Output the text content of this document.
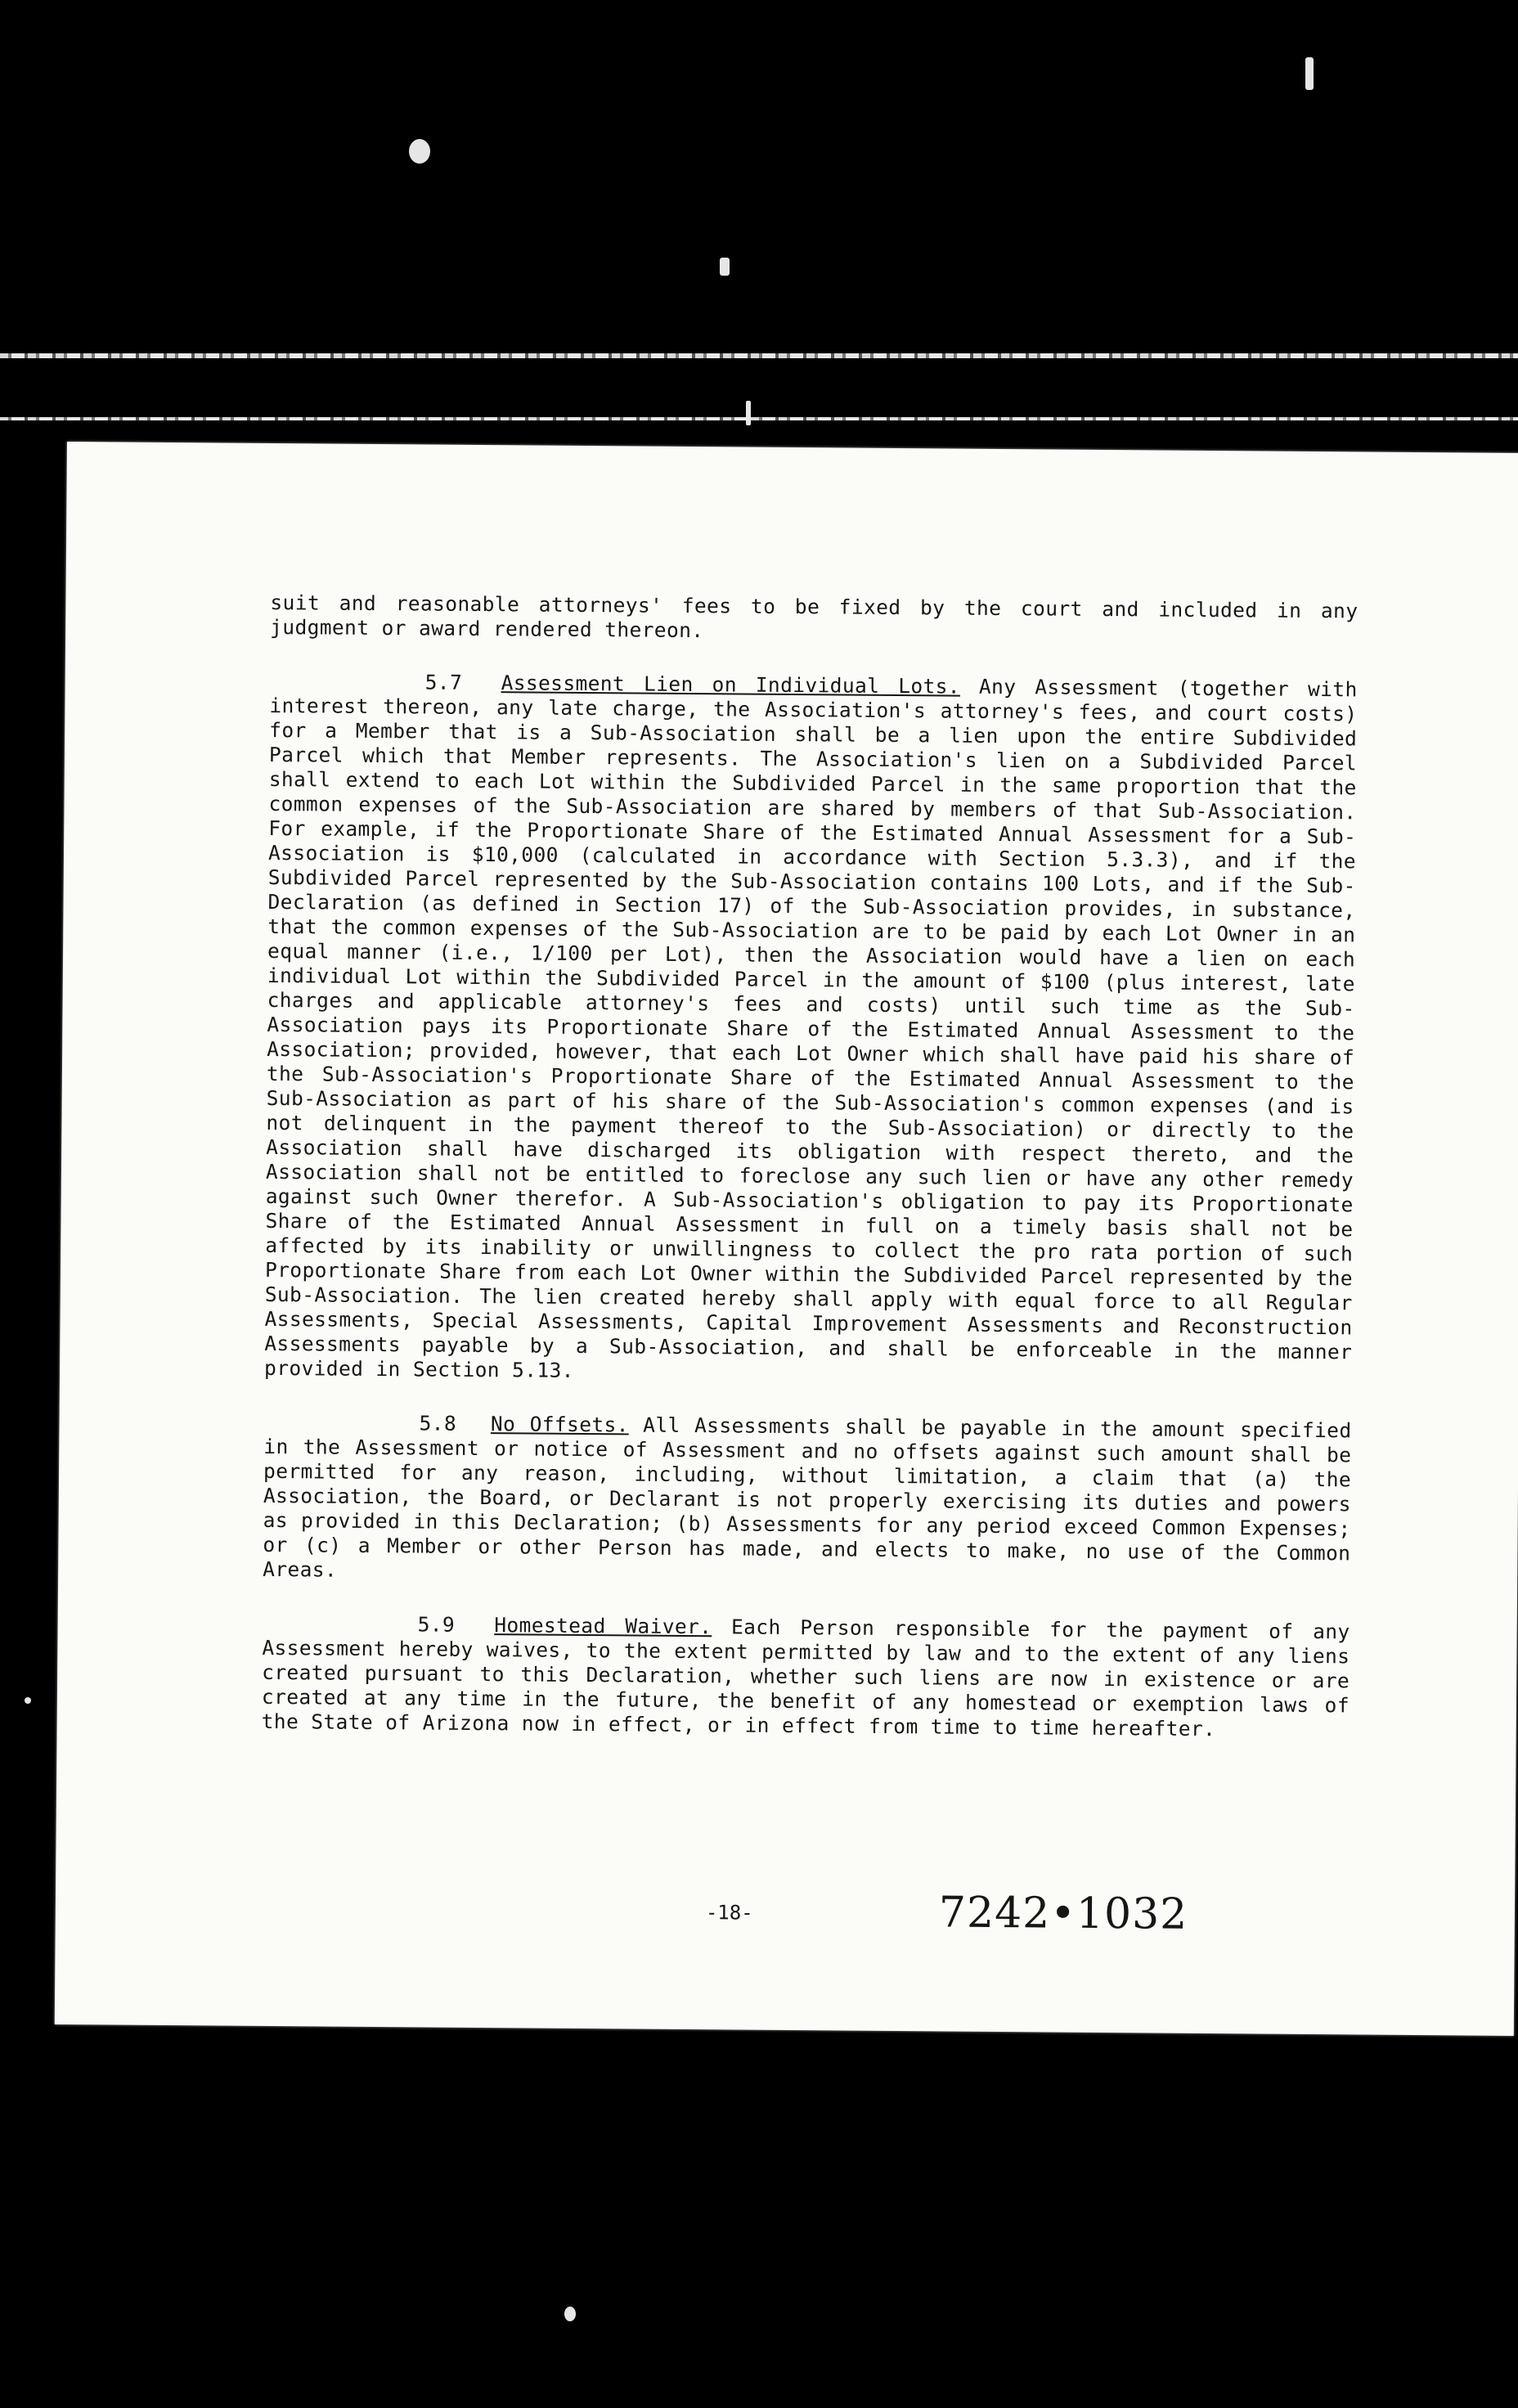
suit and reasonable attorneys' fees to be fixed by the court and included in any judgment or award rendered thereon.

5.7 Assessment Lien on Individual Lots. Any Assessment (together with interest thereon, any late charge, the Association's attorney's fees, and court costs) for a Member that is a Sub-Association shall be a lien upon the entire Subdivided Parcel which that Member represents. The Association's lien on a Subdivided Parcel shall extend to each Lot within the Subdivided Parcel in the same proportion that the common expenses of the Sub-Association are shared by members of that Sub-Association. For example, if the Proportionate Share of the Estimated Annual Assessment for a Sub-Association is $10,000 (calculated in accordance with Section 5.3.3), and if the Subdivided Parcel represented by the Sub-Association contains 100 Lots, and if the Sub-Declaration (as defined in Section 17) of the Sub-Association provides, in substance, that the common expenses of the Sub-Association are to be paid by each Lot Owner in an equal manner (i.e., 1/100 per Lot), then the Association would have a lien on each individual Lot within the Subdivided Parcel in the amount of $100 (plus interest, late charges and applicable attorney's fees and costs) until such time as the Sub-Association pays its Proportionate Share of the Estimated Annual Assessment to the Association; provided, however, that each Lot Owner which shall have paid his share of the Sub-Association's Proportionate Share of the Estimated Annual Assessment to the Sub-Association as part of his share of the Sub-Association's common expenses (and is not delinquent in the payment thereof to the Sub-Association) or directly to the Association shall have discharged its obligation with respect thereto, and the Association shall not be entitled to foreclose any such lien or have any other remedy against such Owner therefor. A Sub-Association's obligation to pay its Proportionate Share of the Estimated Annual Assessment in full on a timely basis shall not be affected by its inability or unwillingness to collect the pro rata portion of such Proportionate Share from each Lot Owner within the Subdivided Parcel represented by the Sub-Association. The lien created hereby shall apply with equal force to all Regular Assessments, Special Assessments, Capital Improvement Assessments and Reconstruction Assessments payable by a Sub-Association, and shall be enforceable in the manner provided in Section 5.13.

5.8 No Offsets. All Assessments shall be payable in the amount specified in the Assessment or notice of Assessment and no offsets against such amount shall be permitted for any reason, including, without limitation, a claim that (a) the Association, the Board, or Declarant is not properly exercising its duties and powers as provided in this Declaration; (b) Assessments for any period exceed Common Expenses; or (c) a Member or other Person has made, and elects to make, no use of the Common Areas.

5.9 Homestead Waiver. Each Person responsible for the payment of any Assessment hereby waives, to the extent permitted by law and to the extent of any liens created pursuant to this Declaration, whether such liens are now in existence or are created at any time in the future, the benefit of any homestead or exemption laws of the State of Arizona now in effect, or in effect from time to time hereafter.

-18-	7242•1032
